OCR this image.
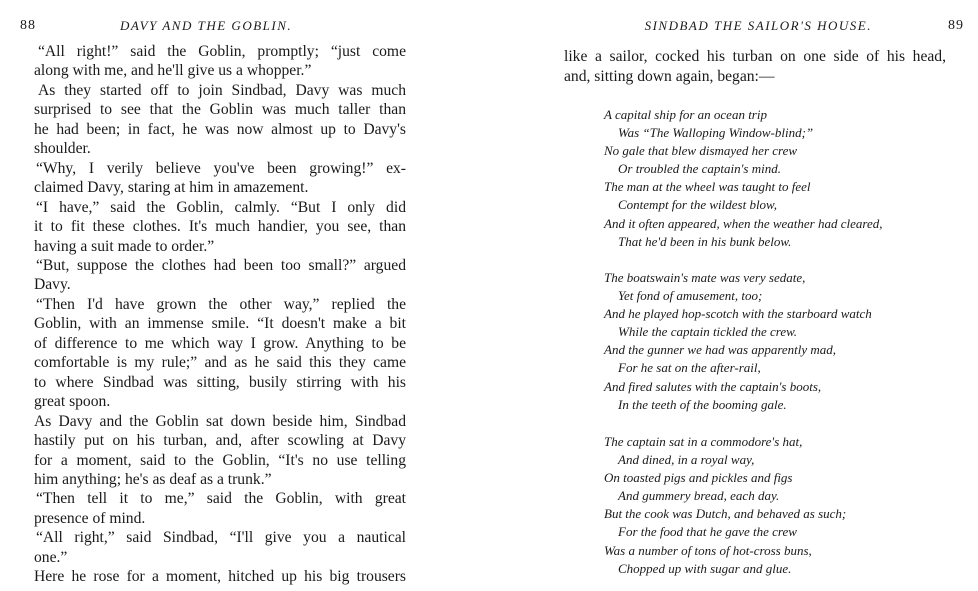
88	DAVY AND THE GOBLIN.
“All right!” said the Goblin, promptly; “just come
along with me, and he'll give us a whopper.”
As they started off to join Sindbad, Davy was much
surprised to see that the Goblin was much taller than
he had been; in fact, he was now almost up to Davy's
shoulder.
“Why, I verily believe you've been growing!” ex-
claimed Davy, staring at him in amazement.
“I have,” said the Goblin, calmly. “But I only did
it to fit these clothes. It's much handier, you see, than
having a suit made to order.”
“But, suppose the clothes had been too small?” argued
Davy.
“Then I'd have grown the other way,” replied the
Goblin, with an immense smile. “It doesn't make a bit
of difference to me which way I grow. Anything to be
comfortable is my rule;” and as he said this they came
to where Sindbad was sitting, busily stirring with his
great spoon.
As Davy and the Goblin sat down beside him, Sindbad
hastily put on his turban, and, after scowling at Davy
for a moment, said to the Goblin, “It's no use telling
him anything; he's as deaf as a trunk.”
“Then tell it to me,” said the Goblin, with great
presence of mind.
“All right,” said Sindbad, “I'll give you a nautical
one.”
Here he rose for a moment, hitched up his big trousers
SINDBAD THE SAILOR'S HOUSE.	89
like a sailor, cocked his turban on one side of his head,
and, sitting down again, began:—
A capital ship for an ocean trip
Was “The Walloping Window-blind;”
No gale that blew dismayed her crew
Or troubled the captain's mind.
The man at the wheel was taught to feel
Contempt for the wildest blow,
And it often appeared, when the weather had cleared,
That he'd been in his bunk below.
The boatswain's mate was very sedate,
Yet fond of amusement, too;
And he played hop-scotch with the starboard watch
While the captain tickled the crew.
And the gunner we had was apparently mad,
For he sat on the after-rail,
And fired salutes with the captain's boots,
In the teeth of the booming gale.
The captain sat in a commodore's hat,
And dined, in a royal way,
On toasted pigs and pickles and figs
And gummery bread, each day.
But the cook was Dutch, and behaved as such;
For the food that he gave the crew
Was a number of tons of hot-cross buns,
Chopped up with sugar and glue.
